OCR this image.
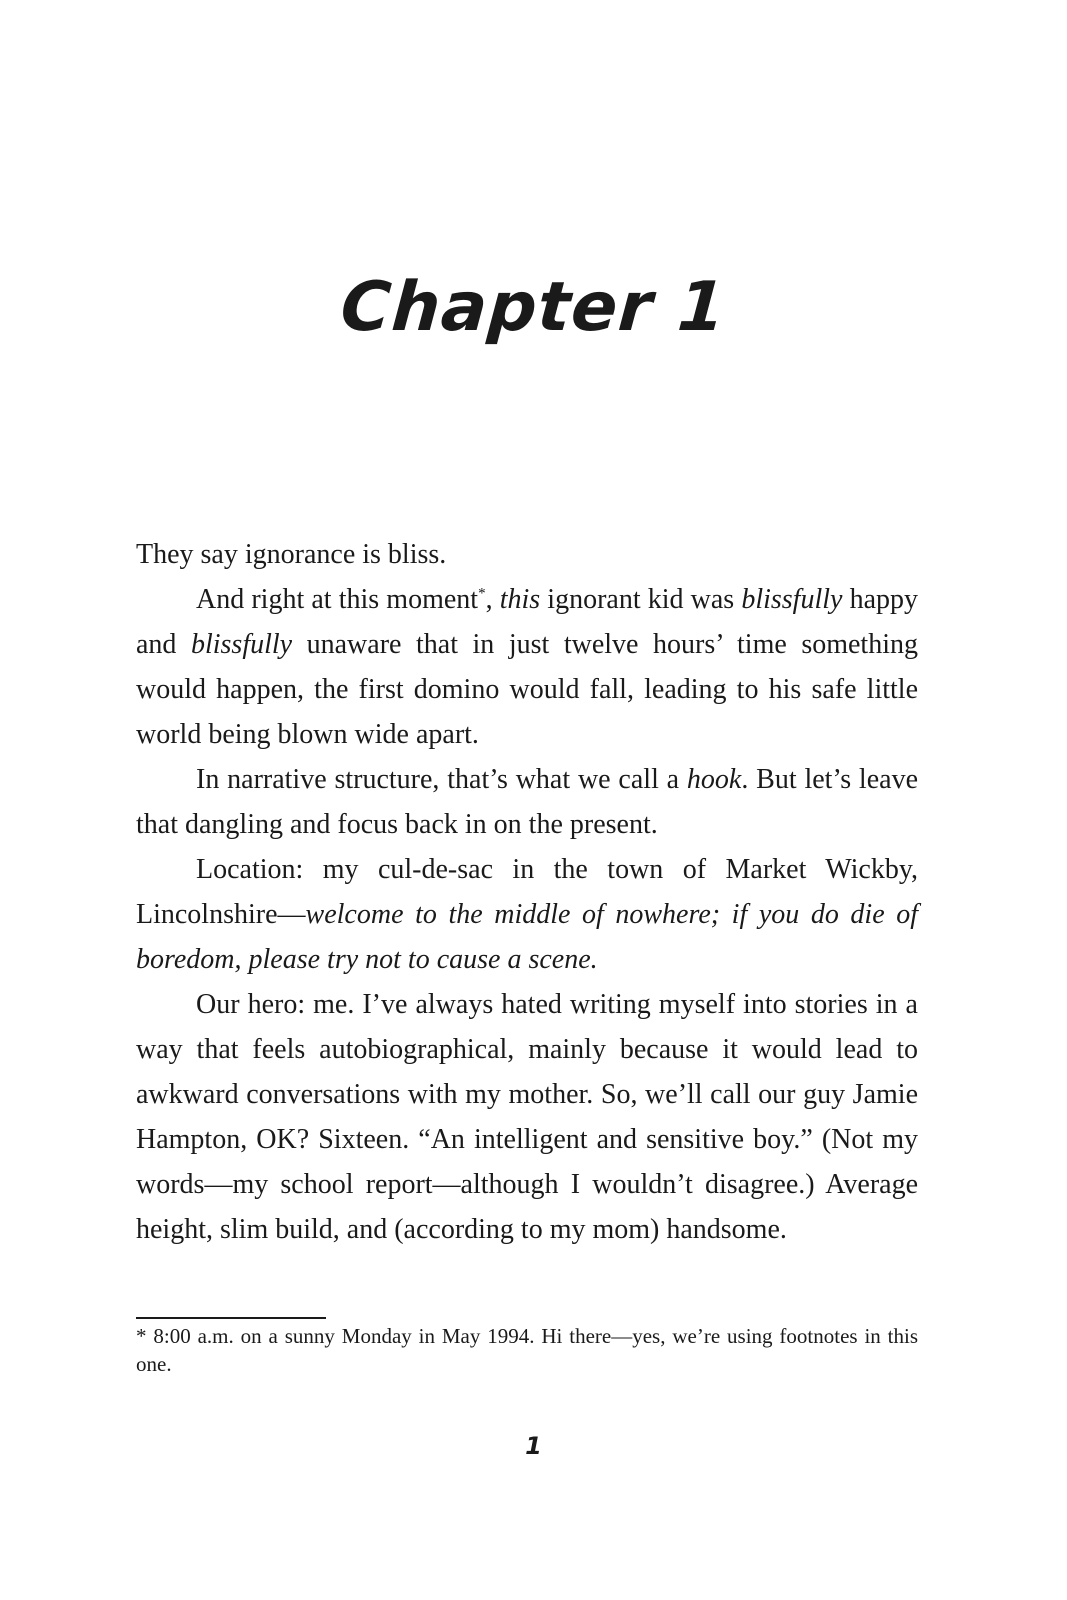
Chapter 1

They say ignorance is bliss.

And right at this moment*, this ignorant kid was blissfully happy and blissfully unaware that in just twelve hours’ time something would happen, the first domino would fall, leading to his safe little world being blown wide apart.

In narrative structure, that’s what we call a hook. But let’s leave that dangling and focus back in on the present.

Location: my cul-de-sac in the town of Market Wickby, Lincolnshire—welcome to the middle of nowhere; if you do die of boredom, please try not to cause a scene.

Our hero: me. I’ve always hated writing myself into stories in a way that feels autobiographical, mainly because it would lead to awkward conversations with my mother. So, we’ll call our guy Jamie Hampton, OK? Sixteen. “An intelligent and sensitive boy.” (Not my words—my school report—although I wouldn’t disagree.) Average height, slim build, and (according to my mom) handsome.

* 8:00 a.m. on a sunny Monday in May 1994. Hi there—yes, we’re using footnotes in this one.
1
